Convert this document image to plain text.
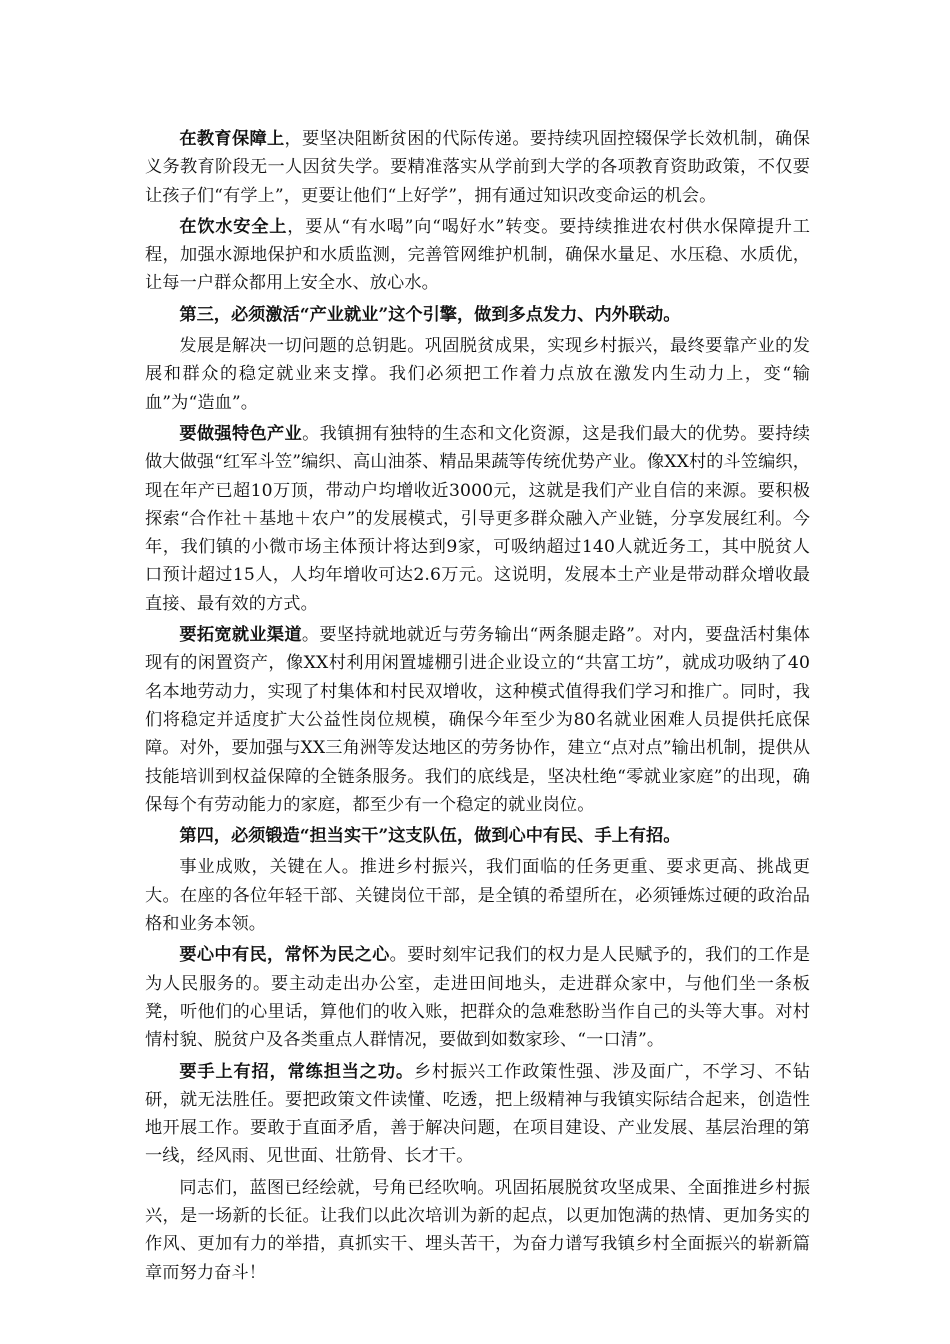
在教育保障上，要坚决阻断贫困的代际传递。要持续巩固控辍保学长效机制，确保义务教育阶段无一人因贫失学。要精准落实从学前到大学的各项教育资助政策，不仅要让孩子们“有学上”，更要让他们“上好学”，拥有通过知识改变命运的机会。

在饮水安全上，要从“有水喝”向“喝好水”转变。要持续推进农村供水保障提升工程，加强水源地保护和水质监测，完善管网维护机制，确保水量足、水压稳、水质优，让每一户群众都用上安全水、放心水。

第三，必须激活“产业就业”这个引擎，做到多点发力、内外联动。

发展是解决一切问题的总钥匙。巩固脱贫成果，实现乡村振兴，最终要靠产业的发展和群众的稳定就业来支撑。我们必须把工作着力点放在激发内生动力上，变“输血”为“造血”。

要做强特色产业。我镇拥有独特的生态和文化资源，这是我们最大的优势。要持续做大做强“红军斗笠”编织、高山油茶、精品果蔬等传统优势产业。像XX村的斗笠编织，现在年产已超10万顶，带动户均增收近3000元，这就是我们产业自信的来源。要积极探索“合作社＋基地＋农户”的发展模式，引导更多群众融入产业链，分享发展红利。今年，我们镇的小微市场主体预计将达到9家，可吸纳超过140人就近务工，其中脱贫人口预计超过15人，人均年增收可达2.6万元。这说明，发展本土产业是带动群众增收最直接、最有效的方式。

要拓宽就业渠道。要坚持就地就近与劳务输出“两条腿走路”。对内，要盘活村集体现有的闲置资产，像XX村利用闲置墟棚引进企业设立的“共富工坊”，就成功吸纳了40名本地劳动力，实现了村集体和村民双增收，这种模式值得我们学习和推广。同时，我们将稳定并适度扩大公益性岗位规模，确保今年至少为80名就业困难人员提供托底保障。对外，要加强与XX三角洲等发达地区的劳务协作，建立“点对点”输出机制，提供从技能培训到权益保障的全链条服务。我们的底线是，坚决杜绝“零就业家庭”的出现，确保每个有劳动能力的家庭，都至少有一个稳定的就业岗位。

第四，必须锻造“担当实干”这支队伍，做到心中有民、手上有招。

事业成败，关键在人。推进乡村振兴，我们面临的任务更重、要求更高、挑战更大。在座的各位年轻干部、关键岗位干部，是全镇的希望所在，必须锤炼过硬的政治品格和业务本领。

要心中有民，常怀为民之心。要时刻牢记我们的权力是人民赋予的，我们的工作是为人民服务的。要主动走出办公室，走进田间地头，走进群众家中，与他们坐一条板凳，听他们的心里话，算他们的收入账，把群众的急难愁盼当作自己的头等大事。对村情村貌、脱贫户及各类重点人群情况，要做到如数家珍、“一口清”。

要手上有招，常练担当之功。乡村振兴工作政策性强、涉及面广，不学习、不钻研，就无法胜任。要把政策文件读懂、吃透，把上级精神与我镇实际结合起来，创造性地开展工作。要敢于直面矛盾，善于解决问题，在项目建设、产业发展、基层治理的第一线，经风雨、见世面、壮筋骨、长才干。

同志们，蓝图已经绘就，号角已经吹响。巩固拓展脱贫攻坚成果、全面推进乡村振兴，是一场新的长征。让我们以此次培训为新的起点，以更加饱满的热情、更加务实的作风、更加有力的举措，真抓实干、埋头苦干，为奋力谱写我镇乡村全面振兴的崭新篇章而努力奋斗！
